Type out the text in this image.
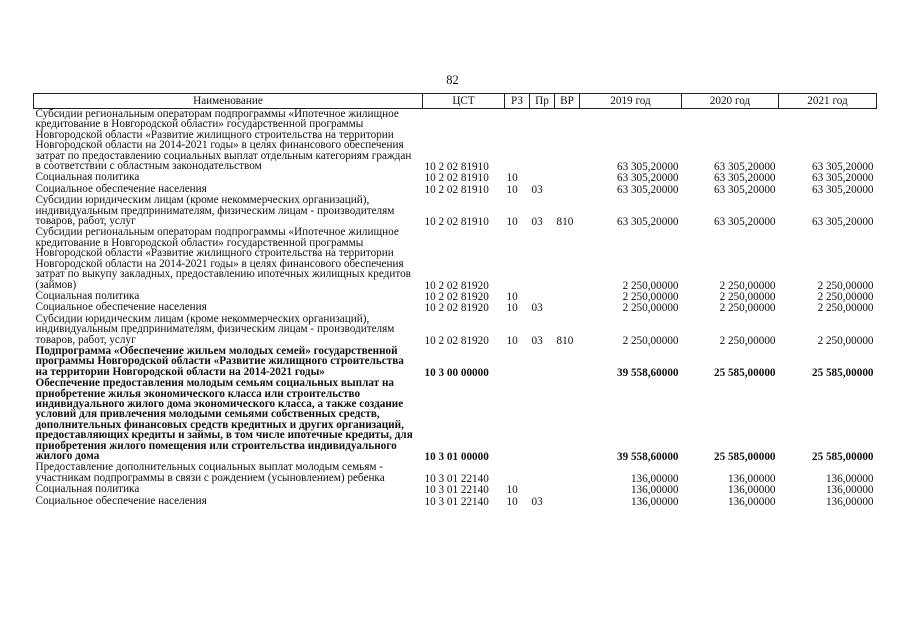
82
Наименование	ЦСТ	РЗ	Пр	ВР	2019 год	2020 год	2021 год
Субсидии региональным операторам подпрограммы «Ипотечное жилищное кредитование в Новгородской области» государственной программы Новгородской области «Развитие жилищного строительства на территории Новгородской области на 2014-2021 годы» в целях финансового обеспечения затрат по предоставлению социальных выплат отдельным категориям граждан в соответствии с областным законодательством	10 2 02 81910				63 305,20000	63 305,20000	63 305,20000
Социальная политика	10 2 02 81910	10			63 305,20000	63 305,20000	63 305,20000
Социальное обеспечение населения	10 2 02 81910	10	03		63 305,20000	63 305,20000	63 305,20000
Субсидии юридическим лицам (кроме некоммерческих организаций), индивидуальным предпринимателям, физическим лицам - производителям товаров, работ, услуг	10 2 02 81910	10	03	810	63 305,20000	63 305,20000	63 305,20000
Субсидии региональным операторам подпрограммы «Ипотечное жилищное кредитование в Новгородской области» государственной программы Новгородской области «Развитие жилищного строительства на территории Новгородской области на 2014-2021 годы» в целях финансового обеспечения затрат по выкупу закладных, предоставлению ипотечных жилищных кредитов (займов)	10 2 02 81920				2 250,00000	2 250,00000	2 250,00000
Социальная политика	10 2 02 81920	10			2 250,00000	2 250,00000	2 250,00000
Социальное обеспечение населения	10 2 02 81920	10	03		2 250,00000	2 250,00000	2 250,00000
Субсидии юридическим лицам (кроме некоммерческих организаций), индивидуальным предпринимателям, физическим лицам - производителям товаров, работ, услуг	10 2 02 81920	10	03	810	2 250,00000	2 250,00000	2 250,00000
Подпрограмма «Обеспечение жильем молодых семей» государственной программы Новгородской области «Развитие жилищного строительства на территории Новгородской области на 2014-2021 годы»	10 3 00 00000				39 558,60000	25 585,00000	25 585,00000
Обеспечение предоставления молодым семьям социальных выплат на приобретение жилья экономического класса или строительство индивидуального жилого дома экономического класса, а также создание условий для привлечения молодыми семьями собственных средств, дополнительных финансовых средств кредитных и других организаций, предоставляющих кредиты и займы, в том числе ипотечные кредиты, для приобретения жилого помещения или строительства индивидуального жилого дома	10 3 01 00000				39 558,60000	25 585,00000	25 585,00000
Предоставление дополнительных социальных выплат молодым семьям - участникам подпрограммы в связи с рождением (усыновлением) ребенка	10 3 01 22140				136,00000	136,00000	136,00000
Социальная политика	10 3 01 22140	10			136,00000	136,00000	136,00000
Социальное обеспечение населения	10 3 01 22140	10	03		136,00000	136,00000	136,00000
